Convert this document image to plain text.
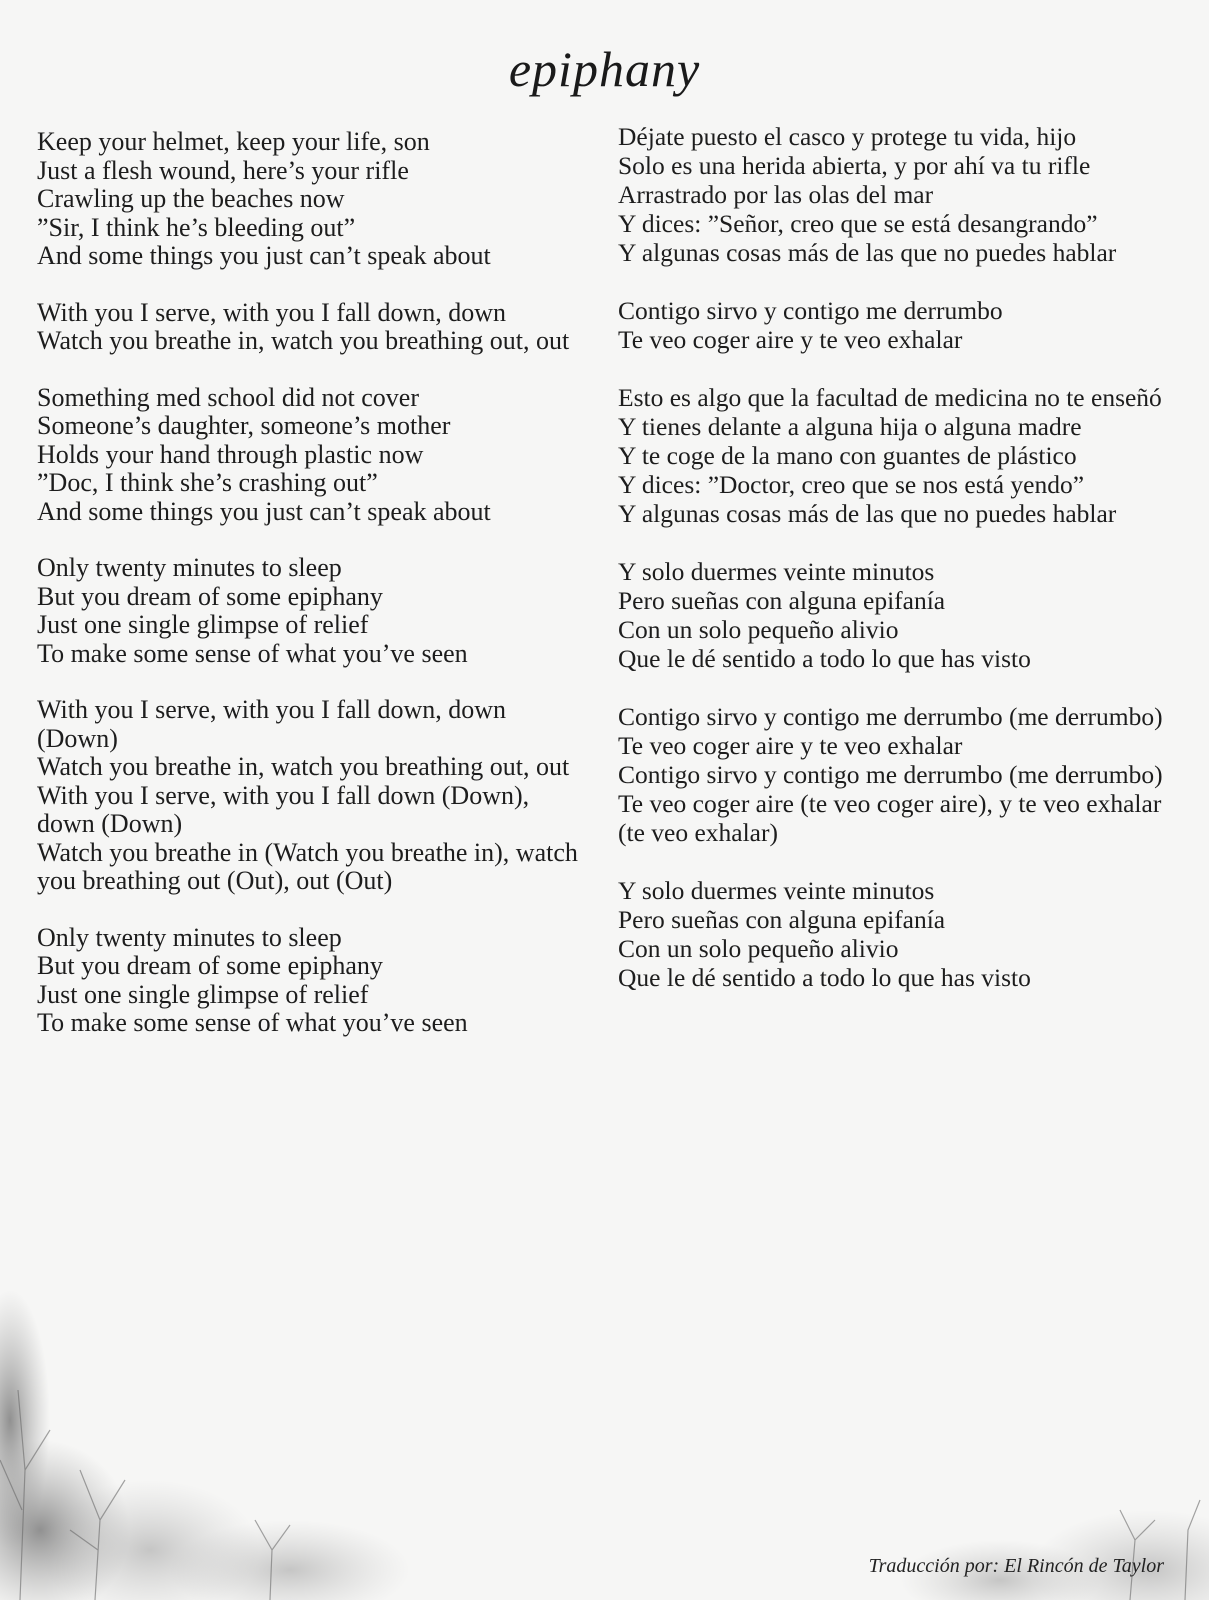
epiphany
Keep your helmet, keep your life, son
Just a flesh wound, here’s your rifle
Crawling up the beaches now
”Sir, I think he’s bleeding out”
And some things you just can’t speak about
With you I serve, with you I fall down, down
Watch you breathe in, watch you breathing out, out
Something med school did not cover
Someone’s daughter, someone’s mother
Holds your hand through plastic now
”Doc, I think she’s crashing out”
And some things you just can’t speak about
Only twenty minutes to sleep
But you dream of some epiphany
Just one single glimpse of relief
To make some sense of what you’ve seen
With you I serve, with you I fall down, down (Down)
Watch you breathe in, watch you breathing out, out
With you I serve, with you I fall down (Down), down (Down)
Watch you breathe in (Watch you breathe in), watch you breathing out (Out), out (Out)
Only twenty minutes to sleep
But you dream of some epiphany
Just one single glimpse of relief
To make some sense of what you’ve seen
Déjate puesto el casco y protege tu vida, hijo
Solo es una herida abierta, y por ahí va tu rifle
Arrastrado por las olas del mar
Y dices: ”Señor, creo que se está desangrando”
Y algunas cosas más de las que no puedes hablar
Contigo sirvo y contigo me derrumbo
Te veo coger aire y te veo exhalar
Esto es algo que la facultad de medicina no te enseñó
Y tienes delante a alguna hija o alguna madre
Y te coge de la mano con guantes de plástico
Y dices: ”Doctor, creo que se nos está yendo”
Y algunas cosas más de las que no puedes hablar
Y solo duermes veinte minutos
Pero sueñas con alguna epifanía
Con un solo pequeño alivio
Que le dé sentido a todo lo que has visto
Contigo sirvo y contigo me derrumbo (me derrumbo)
Te veo coger aire y te veo exhalar
Contigo sirvo y contigo me derrumbo (me derrumbo)
Te veo coger aire (te veo coger aire), y te veo exhalar (te veo exhalar)
Y solo duermes veinte minutos
Pero sueñas con alguna epifanía
Con un solo pequeño alivio
Que le dé sentido a todo lo que has visto
Traducción por: El Rincón de Taylor
